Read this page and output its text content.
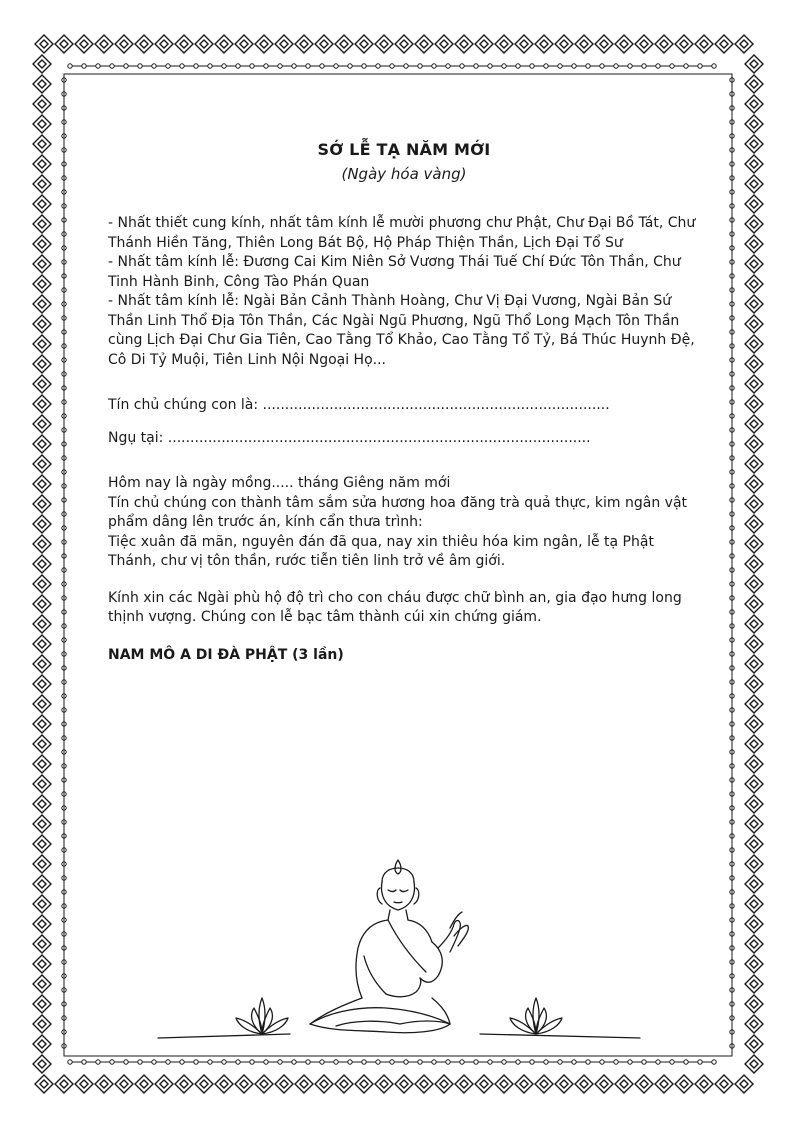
SỚ LỄ TẠ NĂM MỚI

(Ngày hóa vàng)

- Nhất thiết cung kính, nhất tâm kính lễ mười phương chư Phật, Chư Đại Bồ Tát, Chư Thánh Hiền Tăng, Thiên Long Bát Bộ, Hộ Pháp Thiện Thần, Lịch Đại Tổ Sư

- Nhất tâm kính lễ: Đương Cai Kim Niên Sở Vương Thái Tuế Chí Đức Tôn Thần, Chư Tinh Hành Binh, Công Tào Phán Quan

- Nhất tâm kính lễ: Ngài Bản Cảnh Thành Hoàng, Chư Vị Đại Vương, Ngài Bản Sứ Thần Linh Thổ Địa Tôn Thần, Các Ngài Ngũ Phương, Ngũ Thổ Long Mạch Tôn Thần cùng Lịch Đại Chư Gia Tiên, Cao Tằng Tổ Khảo, Cao Tằng Tổ Tỷ, Bá Thúc Huynh Đệ, Cô Di Tỷ Muội, Tiên Linh Nội Ngoại Họ...

Tín chủ chúng con là: ..............................................................................

Ngụ tại: ...............................................................................................

Hôm nay là ngày mồng..... tháng Giêng năm mới

Tín chủ chúng con thành tâm sắm sửa hương hoa đăng trà quả thực, kim ngân vật phẩm dâng lên trước án, kính cẩn thưa trình:

Tiệc xuân đã mãn, nguyên đán đã qua, nay xin thiêu hóa kim ngân, lễ tạ Phật Thánh, chư vị tôn thần, rước tiễn tiên linh trở về âm giới.

Kính xin các Ngài phù hộ độ trì cho con cháu được chữ bình an, gia đạo hưng long thịnh vượng. Chúng con lễ bạc tâm thành cúi xin chứng giám.

NAM MÔ A DI ĐÀ PHẬT (3 lần)
